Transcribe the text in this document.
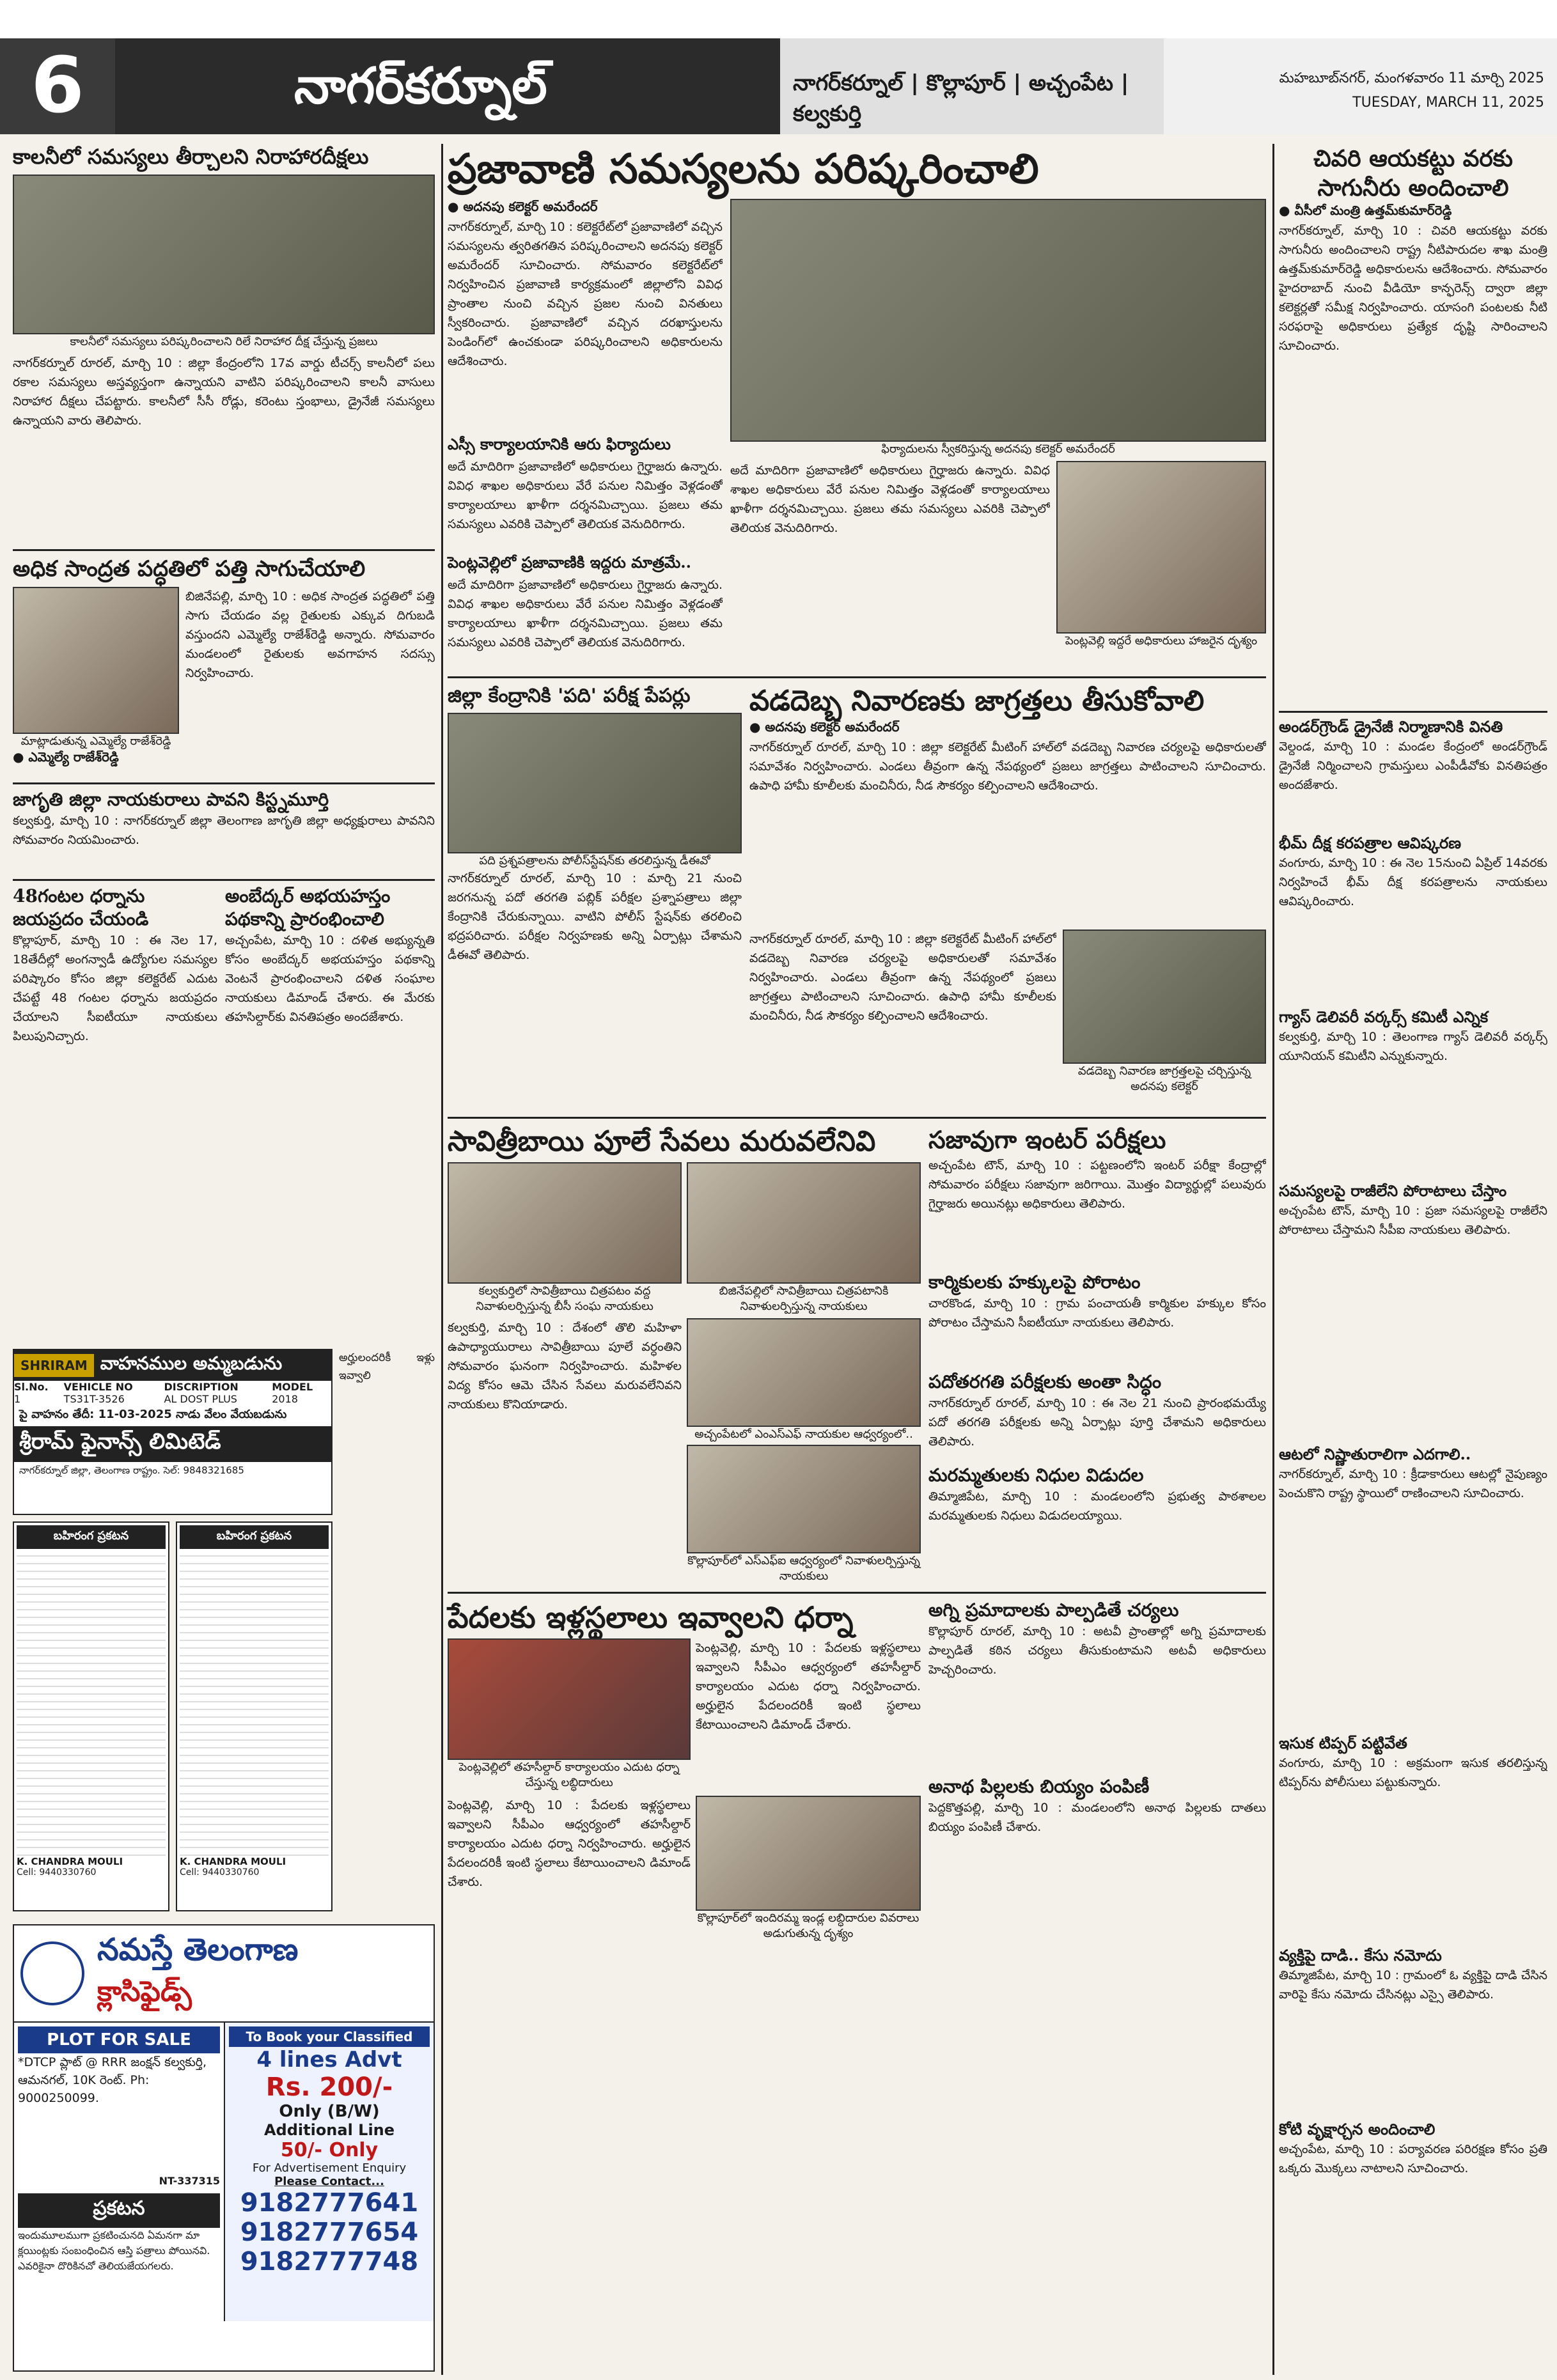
6	నాగర్‌కర్నూల్	నాగర్‌కర్నూల్ | కొల్లాపూర్ | అచ్చంపేట | కల్వకుర్తి
మహబూబ్‌నగర్, మంగళవారం 11 మార్చి 2025
TUESDAY, MARCH 11, 2025
కాలనీలో సమస్యలు తీర్చాలని నిరాహారదీక్షలు
కాలనీలో సమస్యలు పరిష్కరించాలని రిలే నిరాహార దీక్ష చేస్తున్న ప్రజలు
నాగర్‌కర్నూల్ రూరల్, మార్చి 10 : జిల్లా కేంద్రంలోని 17వ వార్డు టీచర్స్ కాలనీలో పలు రకాల సమస్యలు అస్తవ్యస్తంగా ఉన్నాయని వాటిని పరిష్కరించాలని కాలనీ వాసులు నిరాహార దీక్షలు చేపట్టారు. కాలనీలో సీసీ రోడ్లు, కరెంటు స్తంభాలు, డ్రైనేజీ సమస్యలు ఉన్నాయని వారు తెలిపారు.
అధిక సాంద్రత పద్ధతిలో పత్తి సాగుచేయాలి
మాట్లాడుతున్న ఎమ్మెల్యే రాజేశ్‌రెడ్డి
● ఎమ్మెల్యే రాజేశ్‌రెడ్డి
బిజినేపల్లి, మార్చి 10 : అధిక సాంద్రత పద్ధతిలో పత్తి సాగు చేయడం వల్ల రైతులకు ఎక్కువ దిగుబడి వస్తుందని ఎమ్మెల్యే రాజేశ్‌రెడ్డి అన్నారు. సోమవారం మండలంలో రైతులకు అవగాహన సదస్సు నిర్వహించారు.
జాగృతి జిల్లా నాయకురాలు పావని కిస్ట్నమూర్తి
కల్వకుర్తి, మార్చి 10 : నాగర్‌కర్నూల్ జిల్లా తెలంగాణ జాగృతి జిల్లా అధ్యక్షురాలు పావనిని సోమవారం నియమించారు.
48గంటల ధర్నాను జయప్రదం చేయండి
కొల్లాపూర్, మార్చి 10 : ఈ నెల 17, 18తేదీల్లో అంగన్వాడీ ఉద్యోగుల సమస్యల పరిష్కారం కోసం జిల్లా కలెక్టరేట్ ఎదుట చేపట్టే 48 గంటల ధర్నాను జయప్రదం చేయాలని సీఐటీయూ నాయకులు పిలుపునిచ్చారు.
అంబేద్కర్ అభయహస్తం పథకాన్ని ప్రారంభించాలి
అచ్చంపేట, మార్చి 10 : దళిత అభ్యున్నతి కోసం అంబేద్కర్ అభయహస్తం పథకాన్ని వెంటనే ప్రారంభించాలని దళిత సంఘాల నాయకులు డిమాండ్ చేశారు. ఈ మేరకు తహసిల్దార్‌కు వినతిపత్రం అందజేశారు.
SHRIRAM వాహనముల అమ్మబడును
Sl.No.	VEHICLE NO	DISCRIPTION	MODEL
1	TS31T-3526	AL DOST PLUS	2018
పై వాహనం తేదీ: 11-03-2025 నాడు వేలం వేయబడును
శ్రీరామ్ ఫైనాన్స్ లిమిటెడ్
నాగర్‌కర్నూల్ జిల్లా, తెలంగాణ రాష్ట్రం. సెల్: 9848321685
అర్హులందరికీ ఇళ్లు ఇవ్వాలి
బహిరంగ ప్రకటన
K. CHANDRA MOULI
Cell: 9440330760
బహిరంగ ప్రకటన
K. CHANDRA MOULI
Cell: 9440330760
నమస్తే తెలంగాణ
క్లాసిఫైడ్స్
PLOT FOR SALE
*DTCP ప్లాట్ @ RRR జంక్షన్ కల్వకుర్తి, ఆమనగల్, 10K రెంట్. Ph: 9000250099.
NT-337315
ప్రకటన
ఇందుమూలముగా ప్రకటించునది ఏమనగా మా క్లయింట్లకు సంబంధించిన ఆస్తి పత్రాలు పోయినవి. ఎవరికైనా దొరికినచో తెలియజేయగలరు.
To Book your Classified
4 lines Advt
Rs. 200/-
Only (B/W)
Additional Line
50/- Only
For Advertisement Enquiry
Please Contact...
9182777641
9182777654
9182777748
ప్రజావాణి సమస్యలను పరిష్కరించాలి
● అదనపు కలెక్టర్ అమరేందర్
నాగర్‌కర్నూల్, మార్చి 10 : కలెక్టరేట్‌లో ప్రజావాణిలో వచ్చిన సమస్యలను త్వరితగతిన పరిష్కరించాలని అదనపు కలెక్టర్ అమరేందర్ సూచించారు. సోమవారం కలెక్టరేట్‌లో నిర్వహించిన ప్రజావాణి కార్యక్రమంలో జిల్లాలోని వివిధ ప్రాంతాల నుంచి వచ్చిన ప్రజల నుంచి వినతులు స్వీకరించారు. ప్రజావాణిలో వచ్చిన దరఖాస్తులను పెండింగ్‌లో ఉంచకుండా పరిష్కరించాలని అధికారులను ఆదేశించారు.
ఎస్సీ కార్యాలయానికి ఆరు ఫిర్యాదులు
అదే మాదిరిగా ప్రజావాణిలో అధికారులు గైర్హాజరు ఉన్నారు. వివిధ శాఖల అధికారులు వేరే పనుల నిమిత్తం వెళ్లడంతో కార్యాలయాలు ఖాళీగా దర్శనమిచ్చాయి. ప్రజలు తమ సమస్యలు ఎవరికి చెప్పాలో తెలియక వెనుదిరిగారు.
పెంట్లవెల్లిలో ప్రజావాణికి ఇద్దరు మాత్రమే..
అదే మాదిరిగా ప్రజావాణిలో అధికారులు గైర్హాజరు ఉన్నారు. వివిధ శాఖల అధికారులు వేరే పనుల నిమిత్తం వెళ్లడంతో కార్యాలయాలు ఖాళీగా దర్శనమిచ్చాయి. ప్రజలు తమ సమస్యలు ఎవరికి చెప్పాలో తెలియక వెనుదిరిగారు.
ఫిర్యాదులను స్వీకరిస్తున్న అదనపు కలెక్టర్ అమరేందర్
అదే మాదిరిగా ప్రజావాణిలో అధికారులు గైర్హాజరు ఉన్నారు. వివిధ శాఖల అధికారులు వేరే పనుల నిమిత్తం వెళ్లడంతో కార్యాలయాలు ఖాళీగా దర్శనమిచ్చాయి. ప్రజలు తమ సమస్యలు ఎవరికి చెప్పాలో తెలియక వెనుదిరిగారు.
పెంట్లవెల్లి ఇద్దరే అధికారులు హాజరైన దృశ్యం
జిల్లా కేంద్రానికి 'పది' పరీక్ష పేపర్లు
పది ప్రశ్నపత్రాలను పోలీస్‌స్టేషన్‌కు తరలిస్తున్న డీఈవో
నాగర్‌కర్నూల్ రూరల్, మార్చి 10 : మార్చి 21 నుంచి జరగనున్న పదో తరగతి పబ్లిక్ పరీక్షల ప్రశ్నాపత్రాలు జిల్లా కేంద్రానికి చేరుకున్నాయి. వాటిని పోలీస్ స్టేషన్‌కు తరలించి భద్రపరిచారు. పరీక్షల నిర్వహణకు అన్ని ఏర్పాట్లు చేశామని డీఈవో తెలిపారు.
వడదెబ్బ నివారణకు జాగ్రత్తలు తీసుకోవాలి
● అదనపు కలెక్టర్ అమరేందర్
నాగర్‌కర్నూల్ రూరల్, మార్చి 10 : జిల్లా కలెక్టరేట్ మీటింగ్ హాల్‌లో వడదెబ్బ నివారణ చర్యలపై అధికారులతో సమావేశం నిర్వహించారు. ఎండలు తీవ్రంగా ఉన్న నేపథ్యంలో ప్రజలు జాగ్రత్తలు పాటించాలని సూచించారు. ఉపాధి హామీ కూలీలకు మంచినీరు, నీడ సౌకర్యం కల్పించాలని ఆదేశించారు.
నాగర్‌కర్నూల్ రూరల్, మార్చి 10 : జిల్లా కలెక్టరేట్ మీటింగ్ హాల్‌లో వడదెబ్బ నివారణ చర్యలపై అధికారులతో సమావేశం నిర్వహించారు. ఎండలు తీవ్రంగా ఉన్న నేపథ్యంలో ప్రజలు జాగ్రత్తలు పాటించాలని సూచించారు. ఉపాధి హామీ కూలీలకు మంచినీరు, నీడ సౌకర్యం కల్పించాలని ఆదేశించారు.
వడదెబ్బ నివారణ జాగ్రత్తలపై చర్చిస్తున్న అదనపు కలెక్టర్
సావిత్రీబాయి పూలే సేవలు మరువలేనివి
కల్వకుర్తిలో సావిత్రీబాయి చిత్రపటం వద్ద నివాళులర్పిస్తున్న బీసీ సంఘ నాయకులు
బిజినేపల్లిలో సావిత్రీబాయి చిత్రపటానికి నివాళులర్పిస్తున్న నాయకులు
కల్వకుర్తి, మార్చి 10 : దేశంలో తొలి మహిళా ఉపాధ్యాయురాలు సావిత్రీబాయి పూలే వర్ధంతిని సోమవారం ఘనంగా నిర్వహించారు. మహిళల విద్య కోసం ఆమె చేసిన సేవలు మరువలేనివని నాయకులు కొనియాడారు.
అచ్చంపేటలో ఎంఎస్‌ఎఫ్ నాయకుల ఆధ్వర్యంలో..
కొల్లాపూర్‌లో ఎస్‌ఎఫ్‌ఐ ఆధ్వర్యంలో నివాళులర్పిస్తున్న నాయకులు
సజావుగా ఇంటర్ పరీక్షలు
అచ్చంపేట టౌన్, మార్చి 10 : పట్టణంలోని ఇంటర్ పరీక్షా కేంద్రాల్లో సోమవారం పరీక్షలు సజావుగా జరిగాయి. మొత్తం విద్యార్థుల్లో పలువురు గైర్హాజరు అయినట్లు అధికారులు తెలిపారు.
కార్మికులకు హక్కులపై పోరాటం
చారకొండ, మార్చి 10 : గ్రామ పంచాయతీ కార్మికుల హక్కుల కోసం పోరాటం చేస్తామని సీఐటీయూ నాయకులు తెలిపారు.
పదోతరగతి పరీక్షలకు అంతా సిద్ధం
నాగర్‌కర్నూల్ రూరల్, మార్చి 10 : ఈ నెల 21 నుంచి ప్రారంభమయ్యే పదో తరగతి పరీక్షలకు అన్ని ఏర్పాట్లు పూర్తి చేశామని అధికారులు తెలిపారు.
మరమ్మతులకు నిధుల విడుదల
తిమ్మాజిపేట, మార్చి 10 : మండలంలోని ప్రభుత్వ పాఠశాలల మరమ్మతులకు నిధులు విడుదలయ్యాయి.
పేదలకు ఇళ్లస్థలాలు ఇవ్వాలని ధర్నా
పెంట్లవెల్లిలో తహసీల్దార్ కార్యాలయం ఎదుట ధర్నా చేస్తున్న లబ్ధిదారులు
పెంట్లవెల్లి, మార్చి 10 : పేదలకు ఇళ్లస్థలాలు ఇవ్వాలని సీపీఎం ఆధ్వర్యంలో తహసీల్దార్ కార్యాలయం ఎదుట ధర్నా నిర్వహించారు. అర్హులైన పేదలందరికీ ఇంటి స్థలాలు కేటాయించాలని డిమాండ్ చేశారు.
పెంట్లవెల్లి, మార్చి 10 : పేదలకు ఇళ్లస్థలాలు ఇవ్వాలని సీపీఎం ఆధ్వర్యంలో తహసీల్దార్ కార్యాలయం ఎదుట ధర్నా నిర్వహించారు. అర్హులైన పేదలందరికీ ఇంటి స్థలాలు కేటాయించాలని డిమాండ్ చేశారు.
కొల్లాపూర్‌లో ఇందిరమ్మ ఇండ్ల లబ్ధిదారుల వివరాలు అడుగుతున్న దృశ్యం
అగ్ని ప్రమాదాలకు పాల్పడితే చర్యలు
కొల్లాపూర్ రూరల్, మార్చి 10 : అటవీ ప్రాంతాల్లో అగ్ని ప్రమాదాలకు పాల్పడితే కఠిన చర్యలు తీసుకుంటామని అటవీ అధికారులు హెచ్చరించారు.
అనాథ పిల్లలకు బియ్యం పంపిణీ
పెద్దకొత్తపల్లి, మార్చి 10 : మండలంలోని అనాథ పిల్లలకు దాతలు బియ్యం పంపిణీ చేశారు.
చివరి ఆయకట్టు వరకు సాగునీరు అందించాలి
● వీసీలో మంత్రి ఉత్తమ్‌కుమార్‌రెడ్డి
నాగర్‌కర్నూల్, మార్చి 10 : చివరి ఆయకట్టు వరకు సాగునీరు అందించాలని రాష్ట్ర నీటిపారుదల శాఖ మంత్రి ఉత్తమ్‌కుమార్‌రెడ్డి అధికారులను ఆదేశించారు. సోమవారం హైదరాబాద్ నుంచి వీడియో కాన్ఫరెన్స్ ద్వారా జిల్లా కలెక్టర్లతో సమీక్ష నిర్వహించారు. యాసంగి పంటలకు నీటి సరఫరాపై అధికారులు ప్రత్యేక దృష్టి సారించాలని సూచించారు.
అండర్‌గ్రౌండ్ డ్రైనేజీ నిర్మాణానికి వినతి
వెల్దండ, మార్చి 10 : మండల కేంద్రంలో అండర్‌గ్రౌండ్ డ్రైనేజీ నిర్మించాలని గ్రామస్తులు ఎంపీడీవోకు వినతిపత్రం అందజేశారు.
భీమ్ దీక్ష కరపత్రాల ఆవిష్కరణ
వంగూరు, మార్చి 10 : ఈ నెల 15నుంచి ఏప్రిల్ 14వరకు నిర్వహించే భీమ్ దీక్ష కరపత్రాలను నాయకులు ఆవిష్కరించారు.
గ్యాస్ డెలివరీ వర్కర్స్ కమిటీ ఎన్నిక
కల్వకుర్తి, మార్చి 10 : తెలంగాణ గ్యాస్ డెలివరీ వర్కర్స్ యూనియన్ కమిటీని ఎన్నుకున్నారు.
సమస్యలపై రాజీలేని పోరాటాలు చేస్తాం
అచ్చంపేట టౌన్, మార్చి 10 : ప్రజా సమస్యలపై రాజీలేని పోరాటాలు చేస్తామని సీపీఐ నాయకులు తెలిపారు.
ఆటలో నిష్ణాతురాలిగా ఎదగాలి..
నాగర్‌కర్నూల్, మార్చి 10 : క్రీడాకారులు ఆటల్లో నైపుణ్యం పెంచుకొని రాష్ట్ర స్థాయిలో రాణించాలని సూచించారు.
ఇసుక టిప్పర్ పట్టివేత
వంగూరు, మార్చి 10 : అక్రమంగా ఇసుక తరలిస్తున్న టిప్పర్‌ను పోలీసులు పట్టుకున్నారు.
వ్యక్తిపై దాడి.. కేసు నమోదు
తిమ్మాజిపేట, మార్చి 10 : గ్రామంలో ఓ వ్యక్తిపై దాడి చేసిన వారిపై కేసు నమోదు చేసినట్లు ఎస్సై తెలిపారు.
కోటి వృక్షార్చన అందించాలి
అచ్చంపేట, మార్చి 10 : పర్యావరణ పరిరక్షణ కోసం ప్రతి ఒక్కరు మొక్కలు నాటాలని సూచించారు.
